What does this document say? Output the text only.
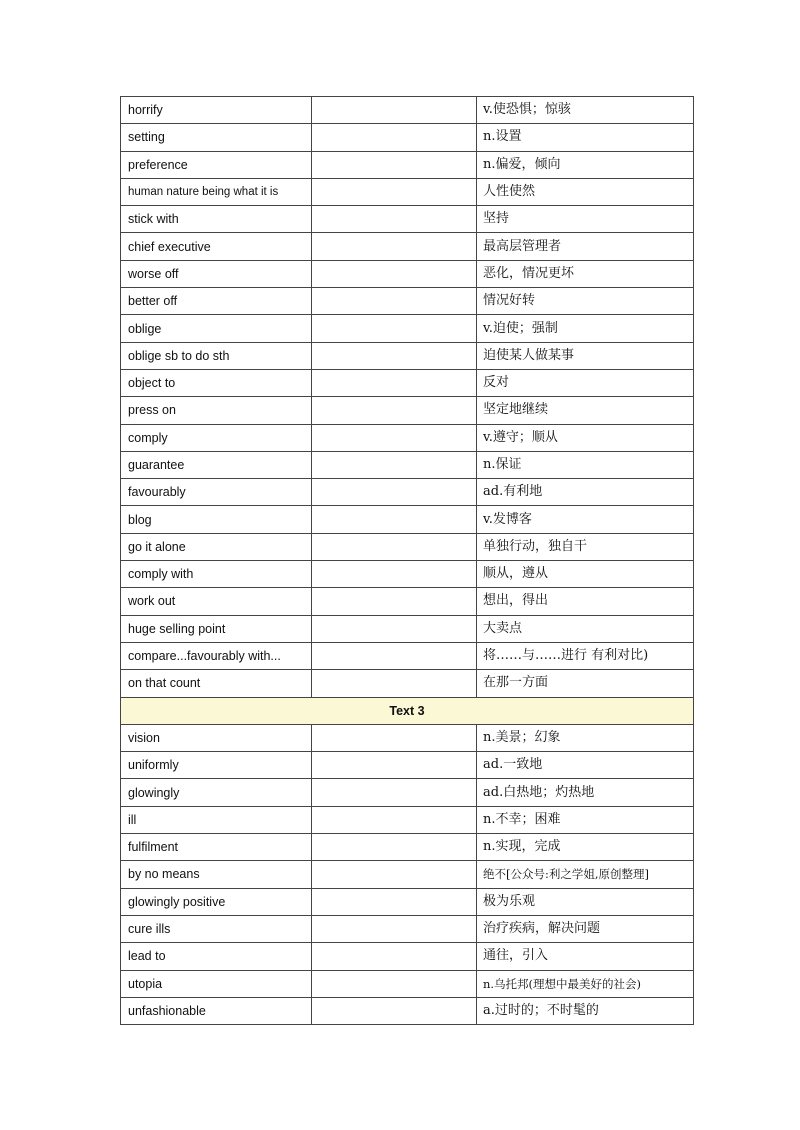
horrify		v.使恐惧；惊骇
setting		n.设置
preference		n.偏爱，倾向
human nature being what it is		人性使然
stick with		坚持
chief executive		最高层管理者
worse off		恶化，情况更坏
better off		情况好转
oblige		v.迫使；强制
oblige sb to do sth		迫使某人做某事
object to		反对
press on		坚定地继续
comply		v.遵守；顺从
guarantee		n.保证
favourably		ad.有利地
blog		v.发博客
go it alone		单独行动，独自干
comply with		顺从，遵从
work out		想出，得出
huge selling point		大卖点
compare...favourably with...		将……与……进行 有利对比)
on that count		在那一方面
Text 3		
vision		n.美景；幻象
uniformly		ad.一致地
glowingly		ad.白热地；灼热地
ill		n.不幸；困难
fulfilment		n.实现，完成
by no means		绝不[公众号:利之学姐,原创整理]
glowingly positive		极为乐观
cure ills		治疗疾病，解决问题
lead to		通往，引入
utopia		n.乌托邦(理想中最美好的社会)
unfashionable		a.过时的；不时髦的
